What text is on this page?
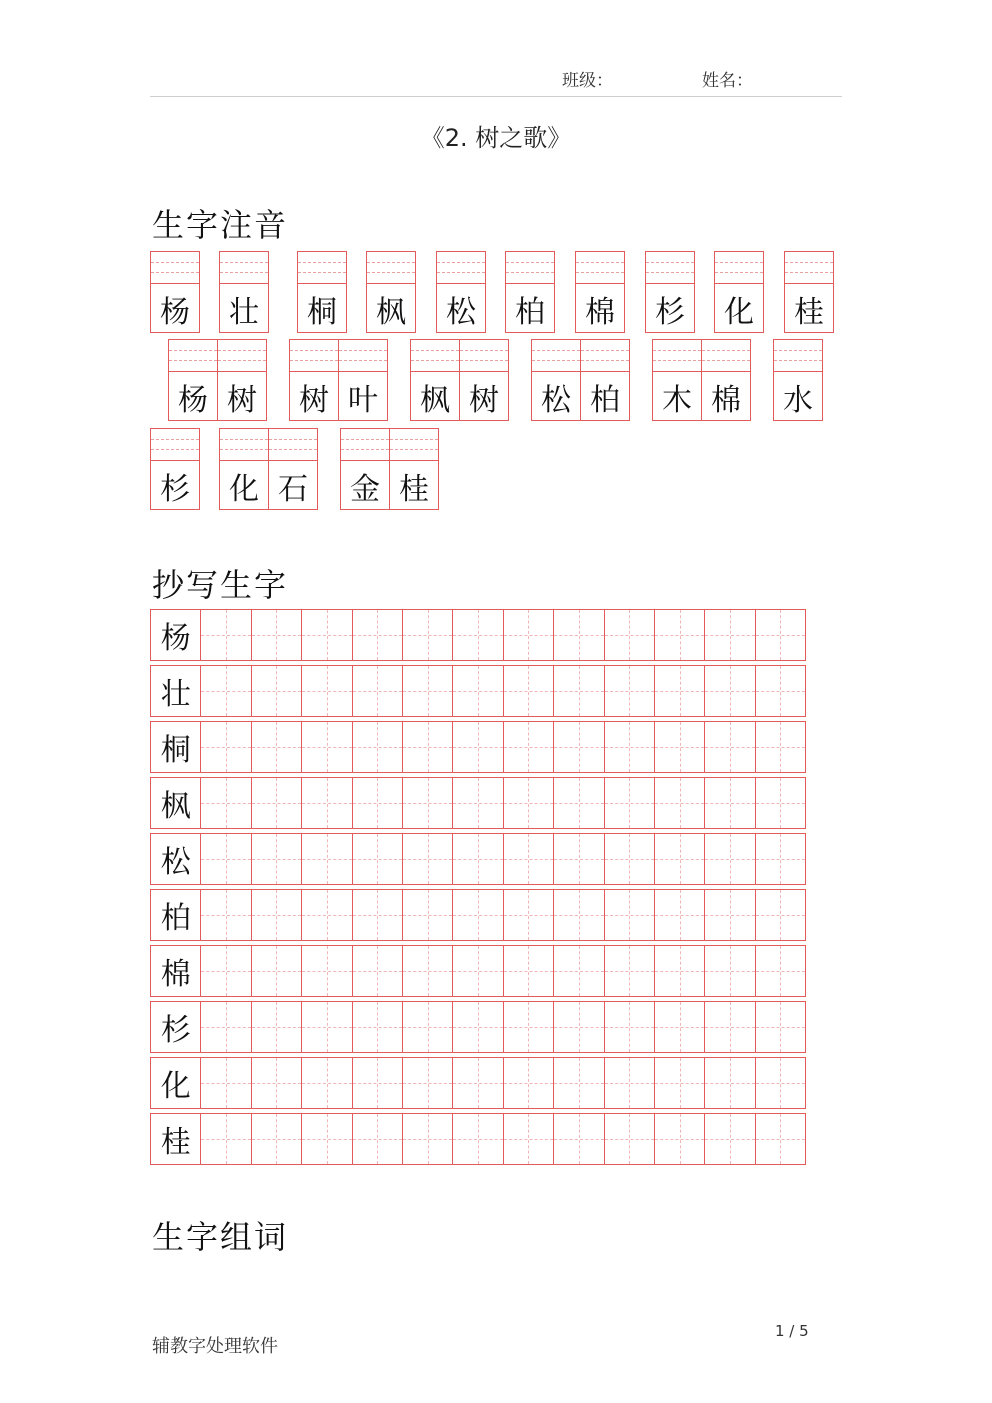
班级：	姓名：
《2. 树之歌》
生字注音
杨	壮	桐	枫	松	柏	棉	杉	化	桂
杨 树	树 叶	枫 树	松 柏	木 棉	水
杉	化 石	金 桂
抄写生字
杨
壮
桐
枫
松
柏
棉
杉
化
桂
生字组词
辅教字处理软件
1 / 5
